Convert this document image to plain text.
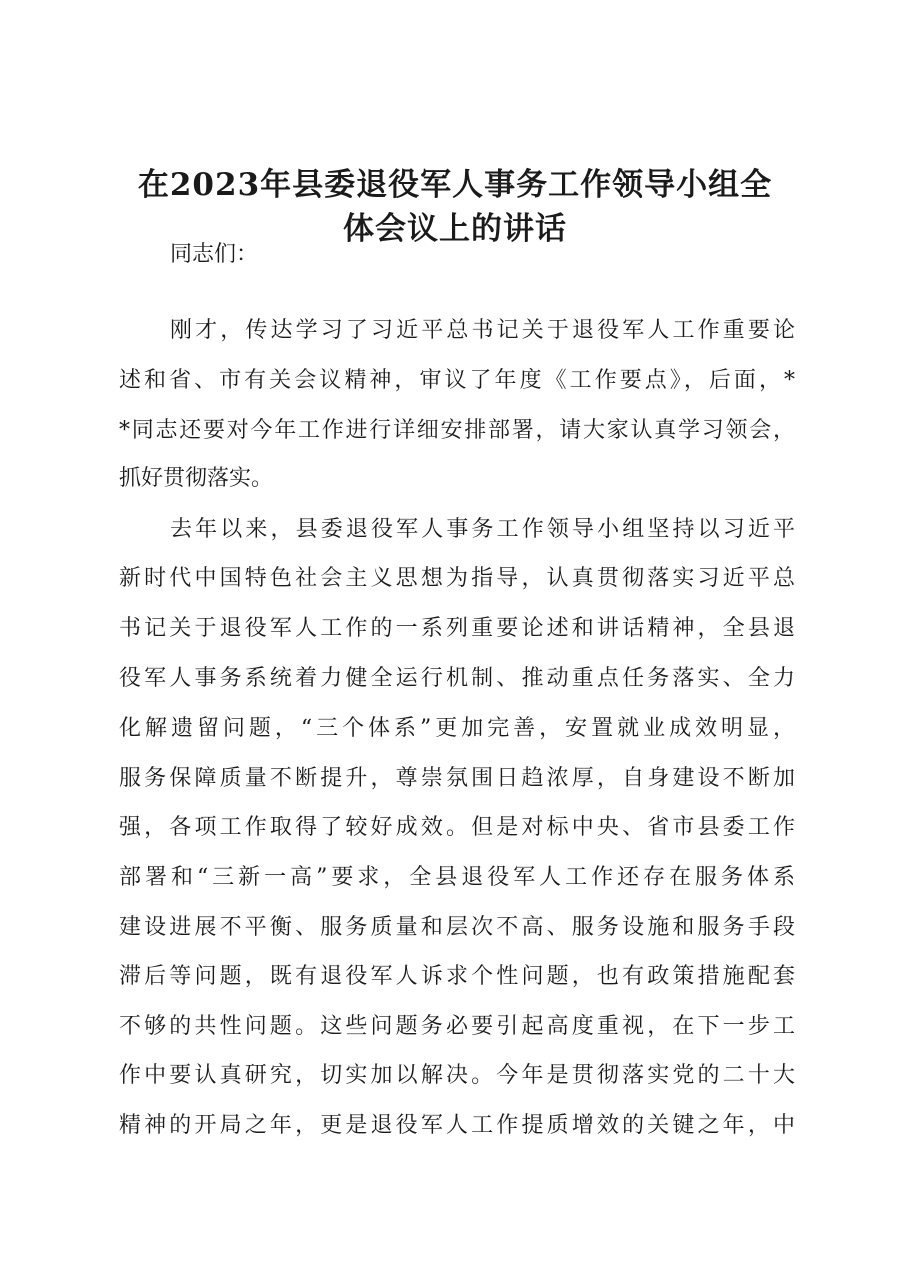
在2023年县委退役军人事务工作领导小组全
体会议上的讲话

同志们：

刚才，传达学习了习近平总书记关于退役军人工作重要论

述和省、市有关会议精神，审议了年度《工作要点》，后面，*

*同志还要对今年工作进行详细安排部署，请大家认真学习领会，

抓好贯彻落实。

去年以来，县委退役军人事务工作领导小组坚持以习近平

新时代中国特色社会主义思想为指导，认真贯彻落实习近平总

书记关于退役军人工作的一系列重要论述和讲话精神，全县退

役军人事务系统着力健全运行机制、推动重点任务落实、全力

化解遗留问题，“三个体系”更加完善，安置就业成效明显，

服务保障质量不断提升，尊崇氛围日趋浓厚，自身建设不断加

强，各项工作取得了较好成效。但是对标中央、省市县委工作

部署和“三新一高”要求，全县退役军人工作还存在服务体系

建设进展不平衡、服务质量和层次不高、服务设施和服务手段

滞后等问题，既有退役军人诉求个性问题，也有政策措施配套

不够的共性问题。这些问题务必要引起高度重视，在下一步工

作中要认真研究，切实加以解决。今年是贯彻落实党的二十大

精神的开局之年，更是退役军人工作提质增效的关键之年，中
